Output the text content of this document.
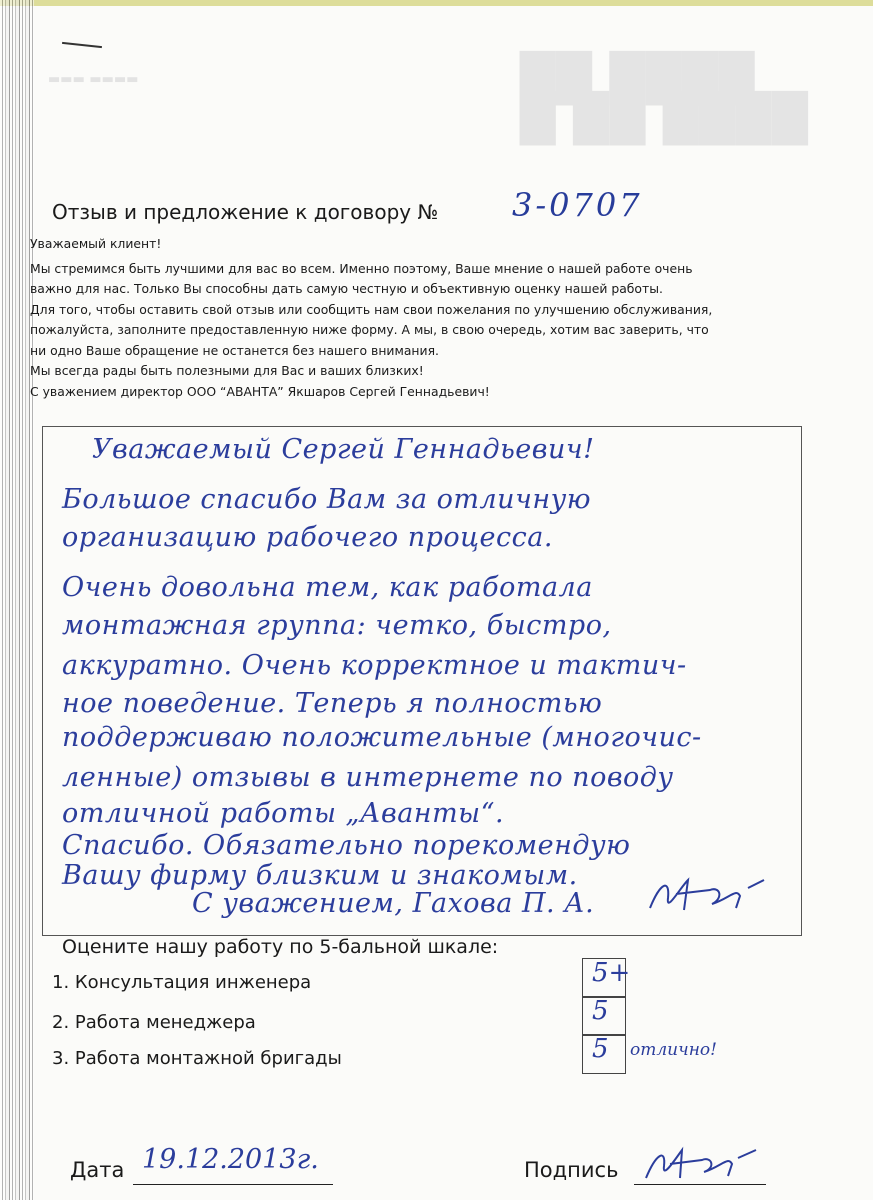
▬▬▬ ▬▬▬▬	██ ████
█ ██ ████
Отзыв и предложение к договору № 3-0707

Уважаемый клиент!

Мы стремимся быть лучшими для вас во всем. Именно поэтому, Ваше мнение о нашей работе очень

важно для нас. Только Вы способны дать самую честную и объективную оценку нашей работы.

Для того, чтобы оставить свой отзыв или сообщить нам свои пожелания по улучшению обслуживания,

пожалуйста, заполните предоставленную ниже форму. А мы, в свою очередь, хотим вас заверить, что

ни одно Ваше обращение не останется без нашего внимания.

Мы всегда рады быть полезными для Вас и ваших близких!

С уважением директор ООО “АВАНТА” Якшаров Сергей Геннадьевич!

Уважаемый Сергей Геннадьевич!
Большое спасибо Вам за отличную
организацию рабочего процесса.
Очень довольна тем, как работала
монтажная группа: четко, быстро,
аккуратно. Очень корректное и тактич-
ное поведение. Теперь я полностью
поддерживаю положительные (многочис-
ленные) отзывы в интернете по поводу
отличной работы „Аванты“.
Спасибо. Обязательно порекомендую
Вашу фирму близким и знакомым.
С уважением, Гахова П. А.
Оцените нашу работу по 5-бальной шкале:
1. Консультация инженера
2. Работа менеджера
3. Работа монтажной бригады
5+
5
5 отлично!
Дата 19.12.2013г.	Подпись
